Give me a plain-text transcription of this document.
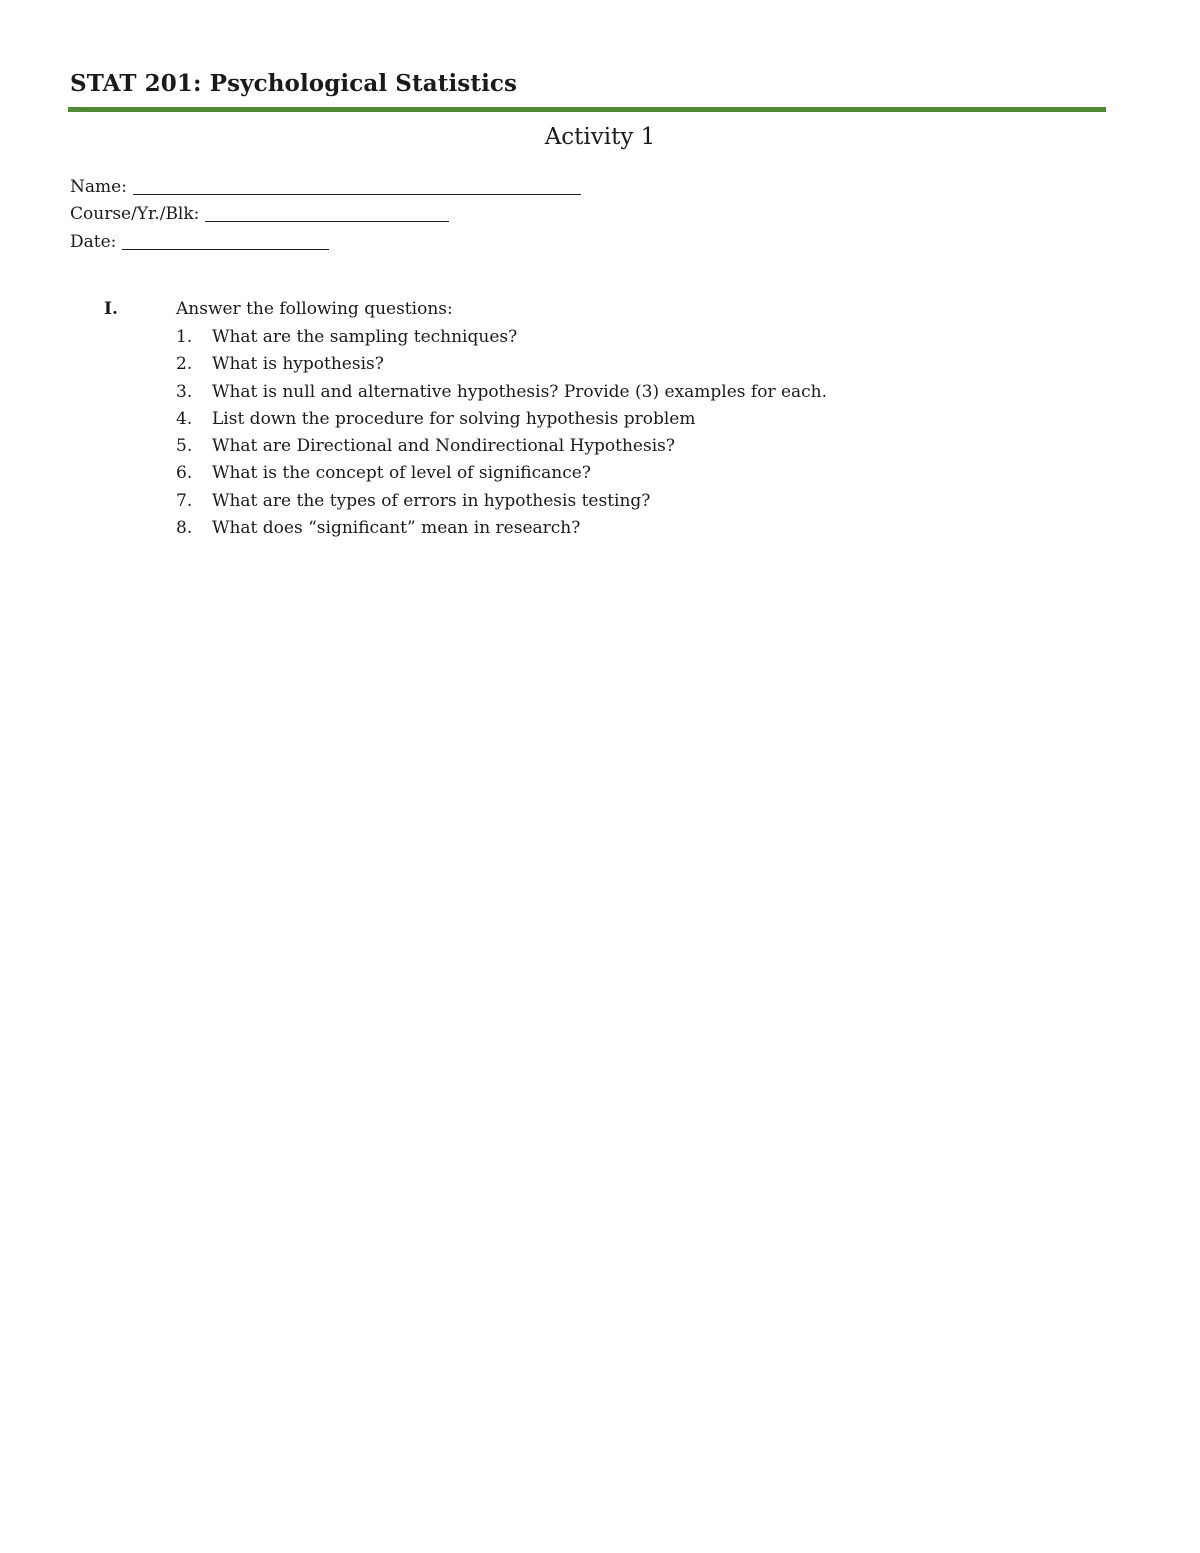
STAT 201: Psychological Statistics
Activity 1
Name:
Course/Yr./Blk:
Date:
I.	Answer the following questions:
1.	What are the sampling techniques?
2.	What is hypothesis?
3.	What is null and alternative hypothesis? Provide (3) examples for each.
4.	List down the procedure for solving hypothesis problem
5.	What are Directional and Nondirectional Hypothesis?
6.	What is the concept of level of significance?
7.	What are the types of errors in hypothesis testing?
8.	What does “significant” mean in research?
